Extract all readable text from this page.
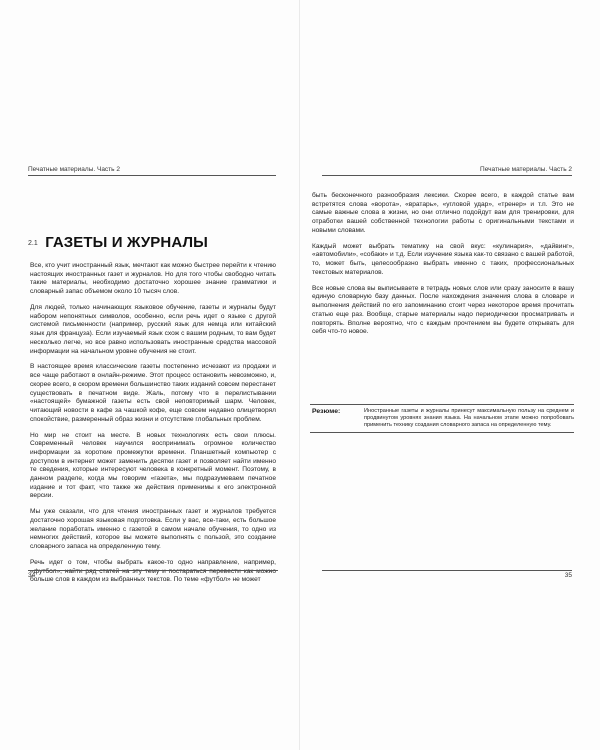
Печатные материалы. Часть 2
2.1 ГАЗЕТЫ И ЖУРНАЛЫ

Все, кто учит иностранный язык, мечтают как можно быстрее перейти к чтению настоящих иностранных газет и журналов. Но для того чтобы свободно читать такие материалы, необходимо достаточно хорошее знание грамматики и словарный запас объемом около 10 тысяч слов.

Для людей, только начинающих языковое обучение, газеты и журналы будут набором непонятных символов, особенно, если речь идет о языке с другой системой письменности (например, русский язык для немца или китайский язык для француза). Если изучаемый язык схож с вашим родным, то вам будет несколько легче, но все равно использовать иностранные средства массовой информации на начальном уровне обучения не стоит.

В настоящее время классические газеты постепенно исчезают из продажи и все чаще работают в онлайн-режиме. Этот процесс остановить невозможно, и, скорее всего, в скором времени большинство таких изданий совсем перестанет существовать в печатном виде. Жаль, потому что в перелистывании «настоящей» бумажной газеты есть свой неповторимый шарм. Человек, читающий новости в кафе за чашкой кофе, еще совсем недавно олицетворял спокойствие, размеренный образ жизни и отсутствие глобальных проблем.

Но мир не стоит на месте. В новых технологиях есть свои плюсы. Современный человек научился воспринимать огромное количество информации за короткие промежутки времени. Планшетный компьютер с доступом в интернет может заменить десятки газет и позволяет найти именно те сведения, которые интересуют человека в конкретный момент. Поэтому, в данном разделе, когда мы говорим «газета», мы подразумеваем печатное издание и тот факт, что также же действия применимы к его электронной версии.

Мы уже сказали, что для чтения иностранных газет и журналов требуется достаточно хорошая языковая подготовка. Если у вас, все-таки, есть большое желание поработать именно с газетой в самом начале обучения, то одно из немногих действий, которое вы можете выполнять с пользой, это создание словарного запаса на определенную тему.

Речь идет о том, чтобы выбрать какое-то одно направление, например, «футбол», найти ряд статей на эту тему и постараться перевести как можно больше слов в каждом из выбранных текстов. По теме «футбол» не может

34
Печатные материалы. Часть 2

быть бесконечного разнообразия лексики. Скорее всего, в каждой статье вам встретятся слова «ворота», «вратарь», «угловой удар», «тренер» и т.п. Это не самые важные слова в жизни, но они отлично подойдут вам для тренировки, для отработки вашей собственной технологии работы с оригинальными текстами и новыми словами.

Каждый может выбрать тематику на свой вкус: «кулинария», «дайвинг», «автомобили», «собаки» и т.д. Если изучение языка как-то связано с вашей работой, то, может быть, целесообразно выбрать именно с таких, профессиональных текстовых материалов.

Все новые слова вы выписываете в тетрадь новых слов или сразу заносите в вашу единую словарную базу данных. После нахождения значения слова в словаре и выполнения действий по его запоминанию стоит через некоторое время прочитать статью еще раз. Вообще, старые материалы надо периодически просматривать и повторять. Вполне вероятно, что с каждым прочтением вы будете открывать для себя что-то новое.

Резюме:	Иностранные газеты и журналы принесут максимальную пользу на среднем и продвинутом уровнях знания языка. На начальном этапе можно попробовать применить технику создания словарного запаса на определенную тему.
35
